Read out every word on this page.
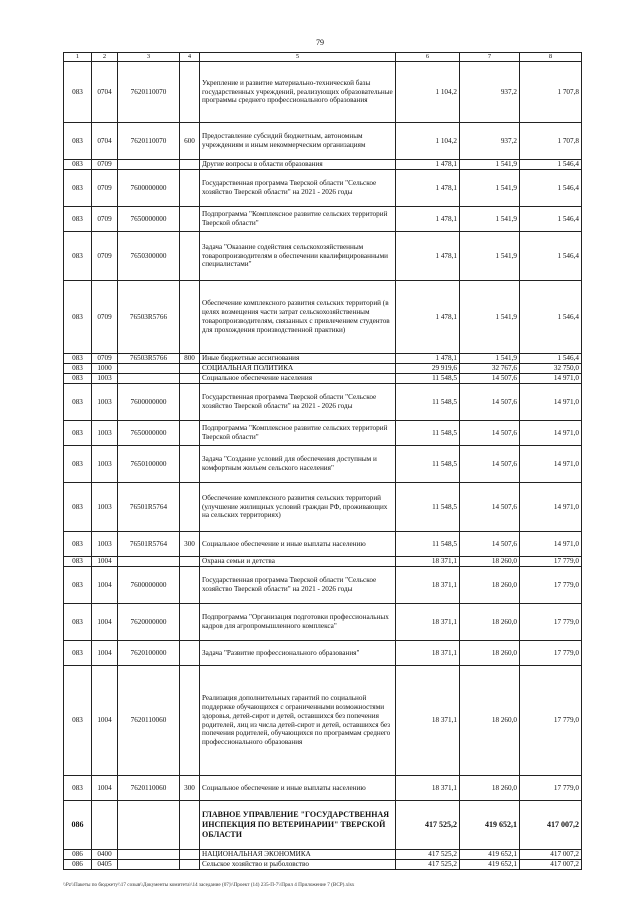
79
1	2	3	4	5	6	7	8
083	0704	7620110070		Укрепление и развитие материально-технической базы государственных учреждений, реализующих образовательные программы среднего профессионального образования	1 104,2	937,2	1 707,8
083	0704	7620110070	600	Предоставление субсидий бюджетным, автономным учреждениям и иным некоммерческим организациям	1 104,2	937,2	1 707,8
083	0709			Другие вопросы в области образования	1 478,1	1 541,9	1 546,4
083	0709	7600000000		Государственная программа Тверской области "Сельское хозяйство Тверской области" на 2021 - 2026 годы	1 478,1	1 541,9	1 546,4
083	0709	7650000000		Подпрограмма "Комплексное развитие сельских территорий Тверской области"	1 478,1	1 541,9	1 546,4
083	0709	7650300000		Задача "Оказание содействия сельскохозяйственным товаропроизводителям в обеспечении квалифицированными специалистами"	1 478,1	1 541,9	1 546,4
083	0709	76503R5766		Обеспечение комплексного развития сельских территорий (в целях возмещения части затрат сельскохозяйственным товаропроизводителям, связанных с привлечением студентов для прохождения производственной практики)	1 478,1	1 541,9	1 546,4
083	0709	76503R5766	800	Иные бюджетные ассигнования	1 478,1	1 541,9	1 546,4
083	1000			СОЦИАЛЬНАЯ ПОЛИТИКА	29 919,6	32 767,6	32 750,0
083	1003			Социальное обеспечение населения	11 548,5	14 507,6	14 971,0
083	1003	7600000000		Государственная программа Тверской области "Сельское хозяйство Тверской области" на 2021 - 2026 годы	11 548,5	14 507,6	14 971,0
083	1003	7650000000		Подпрограмма "Комплексное развитие сельских территорий Тверской области"	11 548,5	14 507,6	14 971,0
083	1003	7650100000		Задача "Создание условий для обеспечения доступным и комфортным жильем сельского населения"	11 548,5	14 507,6	14 971,0
083	1003	76501R5764		Обеспечение комплексного развития сельских территорий (улучшение жилищных условий граждан РФ, проживающих на сельских территориях)	11 548,5	14 507,6	14 971,0
083	1003	76501R5764	300	Социальное обеспечение и иные выплаты населению	11 548,5	14 507,6	14 971,0
083	1004			Охрана семьи и детства	18 371,1	18 260,0	17 779,0
083	1004	7600000000		Государственная программа Тверской области "Сельское хозяйство Тверской области" на 2021 - 2026 годы	18 371,1	18 260,0	17 779,0
083	1004	7620000000		Подпрограмма "Организация подготовки профессиональных кадров для агропромышленного комплекса"	18 371,1	18 260,0	17 779,0
083	1004	7620100000		Задача "Развитие профессионального образования"	18 371,1	18 260,0	17 779,0
083	1004	7620110060		Реализация дополнительных гарантий по социальной поддержке обучающихся с ограниченными возможностями здоровья, детей-сирот и детей, оставшихся без попечения родителей, лиц из числа детей-сирот и детей, оставшихся без попечения родителей, обучающихся по программам среднего профессионального образования	18 371,1	18 260,0	17 779,0
083	1004	7620110060	300	Социальное обеспечение и иные выплаты населению	18 371,1	18 260,0	17 779,0
086				ГЛАВНОЕ УПРАВЛЕНИЕ "ГОСУДАРСТВЕННАЯ ИНСПЕКЦИЯ ПО ВЕТЕРИНАРИИ" ТВЕРСКОЙ ОБЛАСТИ	417 525,2	419 652,1	417 007,2
086	0400			НАЦИОНАЛЬНАЯ ЭКОНОМИКА	417 525,2	419 652,1	417 007,2
086	0405			Сельское хозяйство и рыболовство	417 525,2	419 652,1	417 007,2
\\Pz\\Пакеты по бюджету\\17 созыв\\Документы комитета\\14 заседание (07)\\Проект (14) 235-П-7\\Прил 4 Приложение 7 (ВСР).xlsx
